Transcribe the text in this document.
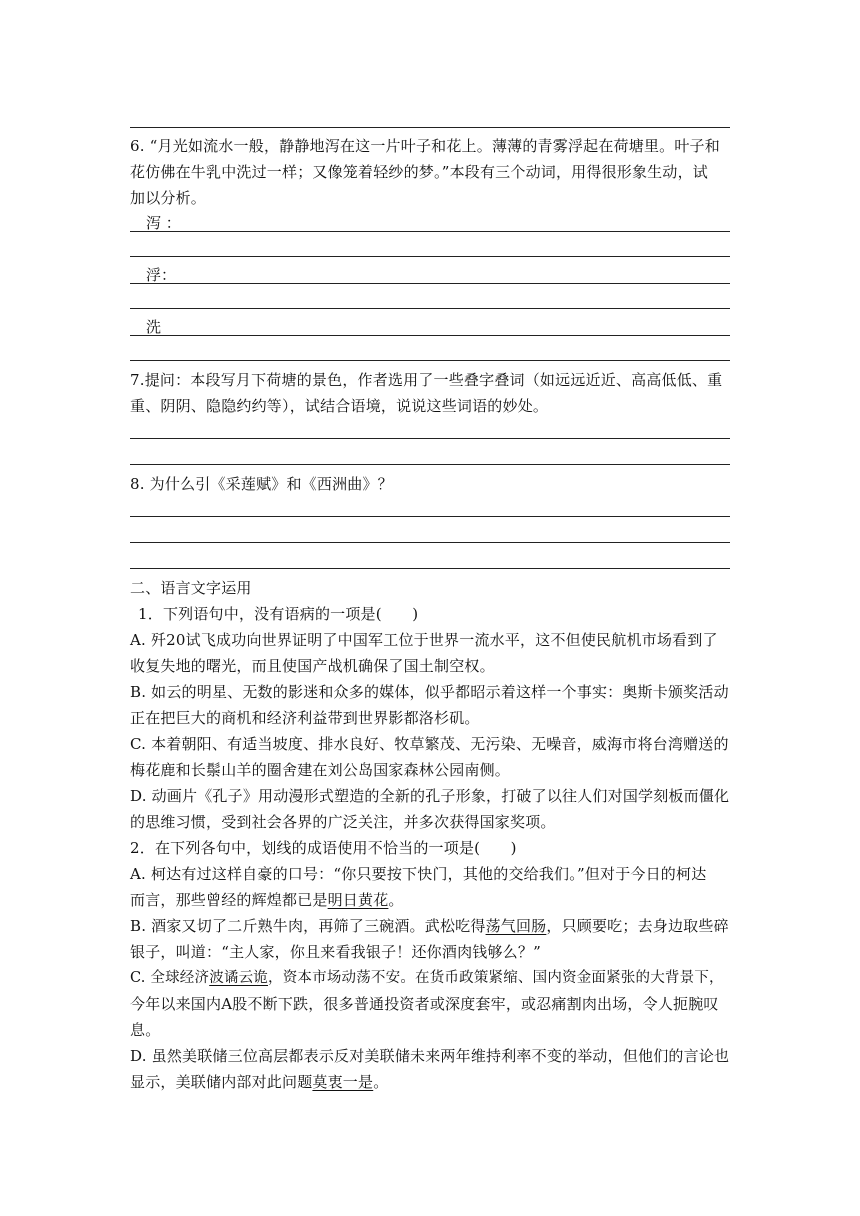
6. “月光如流水一般，静静地泻在这一片叶子和花上。薄薄的青雾浮起在荷塘里。叶子和
花仿佛在牛乳中洗过一样；又像笼着轻纱的梦。”本段有三个动词，用得很形象生动，试
加以分析。
泻 ：
浮：
洗
7.提问：本段写月下荷塘的景色，作者选用了一些叠字叠词（如远远近近、高高低低、重
重、阴阴、隐隐约约等），试结合语境，说说这些词语的妙处。
8. 为什么引《采莲赋》和《西洲曲》？
二、语言文字运用
1．下列语句中，没有语病的一项是(　　)
A. 歼20试飞成功向世界证明了中国军工位于世界一流水平，这不但使民航机市场看到了
收复失地的曙光，而且使国产战机确保了国土制空权。
B. 如云的明星、无数的影迷和众多的媒体，似乎都昭示着这样一个事实：奥斯卡颁奖活动
正在把巨大的商机和经济利益带到世界影都洛杉矶。
C. 本着朝阳、有适当坡度、排水良好、牧草繁茂、无污染、无噪音，威海市将台湾赠送的
梅花鹿和长鬃山羊的圈舍建在刘公岛国家森林公园南侧。
D. 动画片《孔子》用动漫形式塑造的全新的孔子形象，打破了以往人们对国学刻板而僵化
的思维习惯，受到社会各界的广泛关注，并多次获得国家奖项。
2．在下列各句中，划线的成语使用不恰当的一项是(　　)
A. 柯达有过这样自豪的口号：“你只要按下快门，其他的交给我们。”但对于今日的柯达
而言，那些曾经的辉煌都已是明日黄花。
B. 酒家又切了二斤熟牛肉，再筛了三碗酒。武松吃得荡气回肠，只顾要吃；去身边取些碎
银子，叫道：“主人家，你且来看我银子！还你酒肉钱够么？”
C. 全球经济波谲云诡，资本市场动荡不安。在货币政策紧缩、国内资金面紧张的大背景下，
今年以来国内A股不断下跌，很多普通投资者或深度套牢，或忍痛割肉出场，令人扼腕叹
息。
D. 虽然美联储三位高层都表示反对美联储未来两年维持利率不变的举动，但他们的言论也
显示，美联储内部对此问题莫衷一是。
